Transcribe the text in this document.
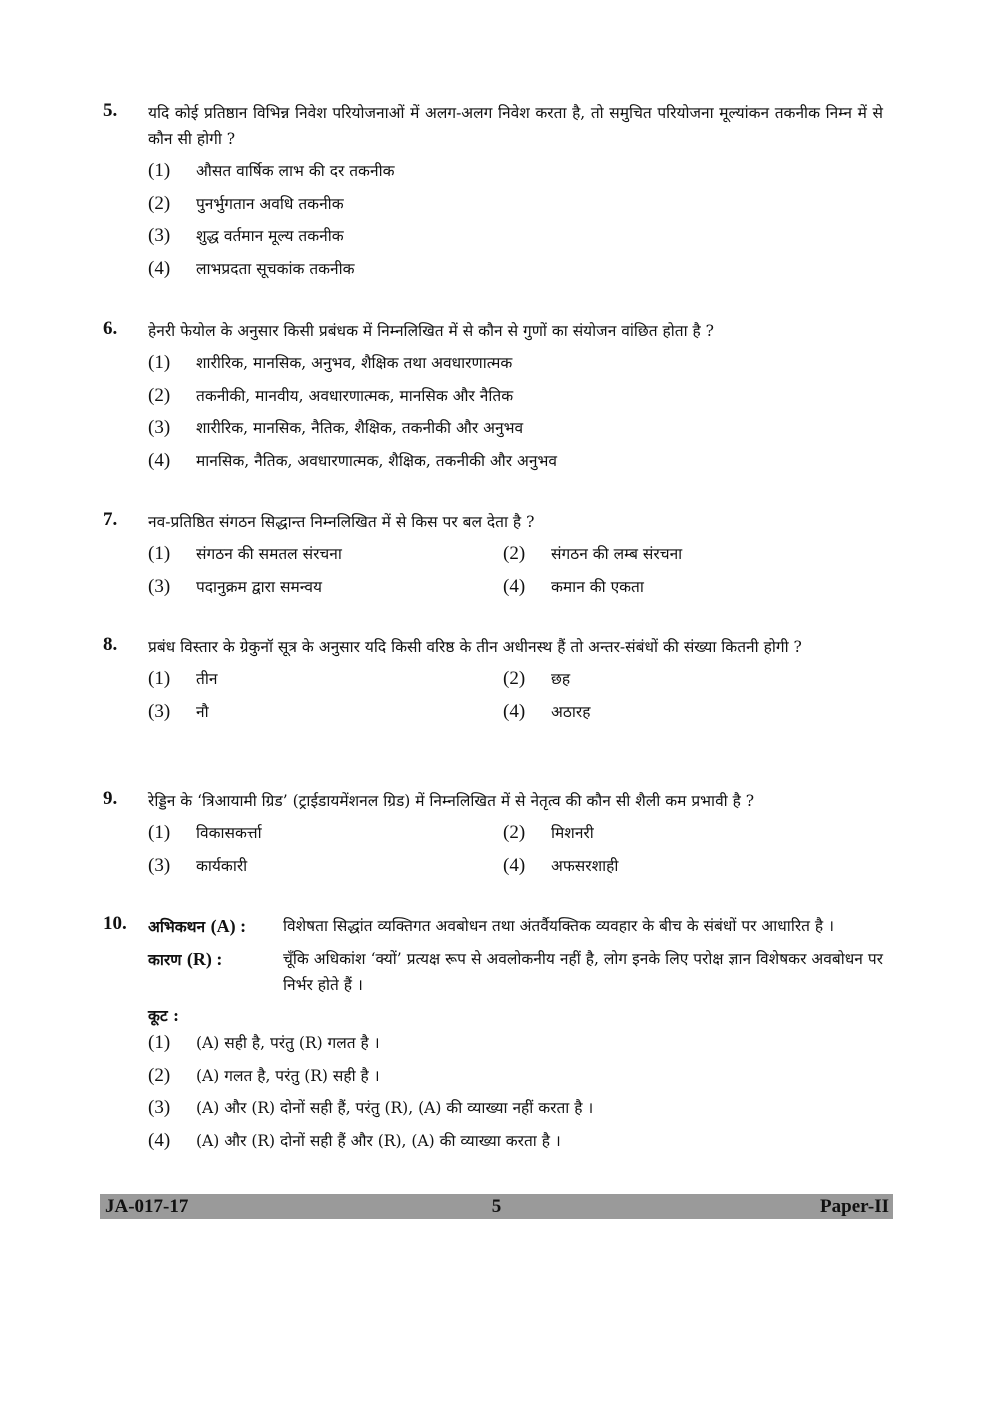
5. यदि कोई प्रतिष्ठान विभिन्न निवेश परियोजनाओं में अलग-अलग निवेश करता है, तो समुचित परियोजना मूल्यांकन तकनीक निम्न में से कौन सी होगी ?
(1) औसत वार्षिक लाभ की दर तकनीक
(2) पुनर्भुगतान अवधि तकनीक
(3) शुद्ध वर्तमान मूल्य तकनीक
(4) लाभप्रदता सूचकांक तकनीक
6. हेनरी फेयोल के अनुसार किसी प्रबंधक में निम्नलिखित में से कौन से गुणों का संयोजन वांछित होता है ?
(1) शारीरिक, मानसिक, अनुभव, शैक्षिक तथा अवधारणात्मक
(2) तकनीकी, मानवीय, अवधारणात्मक, मानसिक और नैतिक
(3) शारीरिक, मानसिक, नैतिक, शैक्षिक, तकनीकी और अनुभव
(4) मानसिक, नैतिक, अवधारणात्मक, शैक्षिक, तकनीकी और अनुभव
7. नव-प्रतिष्ठित संगठन सिद्धान्त निम्नलिखित में से किस पर बल देता है ?
(1) संगठन की समतल संरचना	(2) संगठन की लम्ब संरचना
(3) पदानुक्रम द्वारा समन्वय	(4) कमान की एकता
8. प्रबंध विस्तार के ग्रेकुनॉ सूत्र के अनुसार यदि किसी वरिष्ठ के तीन अधीनस्थ हैं तो अन्तर-संबंधों की संख्या कितनी होगी ?
(1) तीन	(2) छह
(3) नौ	(4) अठारह
9. रेड्डिन के ‘त्रिआयामी ग्रिड’ (ट्राईडायमेंशनल ग्रिड) में निम्नलिखित में से नेतृत्व की कौन सी शैली कम प्रभावी है ?
(1) विकासकर्त्ता	(2) मिशनरी
(3) कार्यकारी	(4) अफसरशाही
10. अभिकथन (A) :	विशेषता सिद्धांत व्यक्तिगत अवबोधन तथा अंतर्वैयक्तिक व्यवहार के बीच के संबंधों पर आधारित है ।
कारण (R) :	चूँकि अधिकांश ‘क्यों’ प्रत्यक्ष रूप से अवलोकनीय नहीं है, लोग इनके लिए परोक्ष ज्ञान विशेषकर अवबोधन पर निर्भर होते हैं ।
कूट :
(1) (A) सही है, परंतु (R) गलत है ।
(2) (A) गलत है, परंतु (R) सही है ।
(3) (A) और (R) दोनों सही हैं, परंतु (R), (A) की व्याख्या नहीं करता है ।
(4) (A) और (R) दोनों सही हैं और (R), (A) की व्याख्या करता है ।
JA-017-17	5	Paper-II
